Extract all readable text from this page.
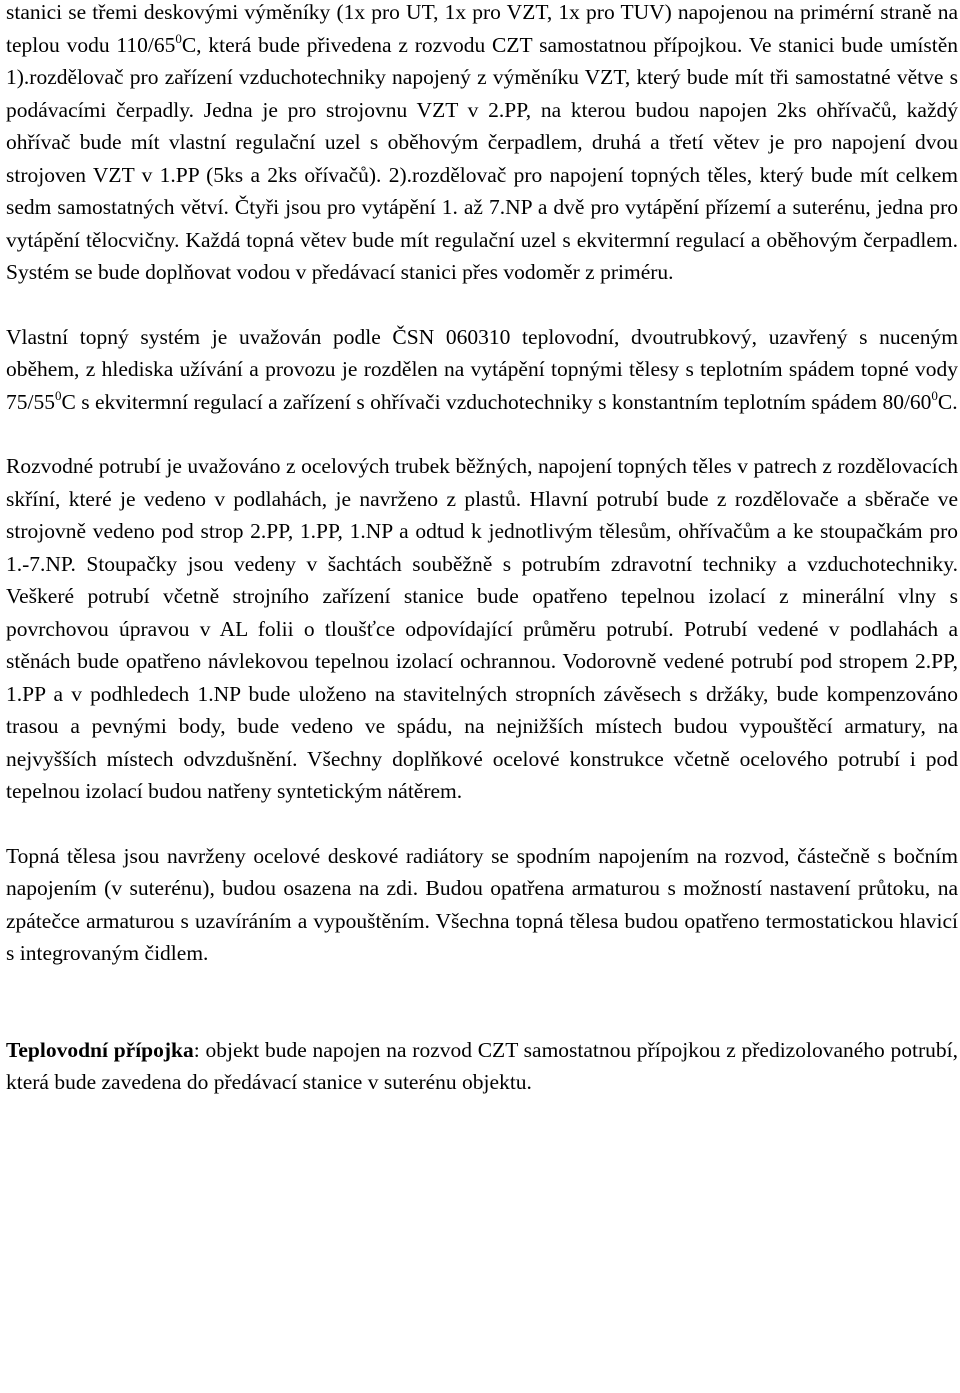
stanici se třemi deskovými výměníky (1x pro UT, 1x pro VZT, 1x pro TUV) napojenou na primérní straně na teplou vodu $110/65^0C$, která bude přivedena z rozvodu CZT samostatnou přípojkou. Ve stanici bude umístěn 1).rozdělovač pro zařízení vzduchotechniky napojený z výměníku VZT, který bude mít tři samostatné větve s podávacími čerpadly. Jedna je pro strojovnu VZT v 2.PP, na kterou budou napojen 2ks ohřívačů, každý ohřívač bude mít vlastní regulační uzel s oběhovým čerpadlem, druhá a třetí větev je pro napojení dvou strojoven VZT v 1.PP (5ks a 2ks ořívačů). 2).rozdělovač pro napojení topných těles, který bude mít celkem sedm samostatných větví. Čtyři jsou pro vytápění 1. až 7.NP a dvě pro vytápění přízemí a suterénu, jedna pro vytápění tělocvičny. Každá topná větev bude mít regulační uzel s ekvitermní regulací a oběhovým čerpadlem. Systém se bude doplňovat vodou v předávací stanici přes vodoměr z priméru.

Vlastní topný systém je uvažován podle ČSN 060310 teplovodní, dvoutrubkový, uzavřený s nuceným oběhem, z hlediska užívání a provozu je rozdělen na vytápění topnými tělesy s teplotním spádem topné vody $75/55^0C$ s ekvitermní regulací a zařízení s ohřívači vzduchotechniky s konstantním teplotním spádem $80/60^0C$.

Rozvodné potrubí je uvažováno z ocelových trubek běžných, napojení topných těles v patrech z rozdělovacích skříní, které je vedeno v podlahách, je navrženo z plastů. Hlavní potrubí bude z rozdělovače a sběrače ve strojovně vedeno pod strop 2.PP, 1.PP, 1.NP a odtud k jednotlivým tělesům, ohřívačům a ke stoupačkám pro 1.-7.NP. Stoupačky jsou vedeny v šachtách souběžně s potrubím zdravotní techniky a vzduchotechniky. Veškeré potrubí včetně strojního zařízení stanice bude opatřeno tepelnou izolací z minerální vlny s povrchovou úpravou v AL folii o tloušťce odpovídající průměru potrubí. Potrubí vedené v podlahách a stěnách bude opatřeno návlekovou tepelnou izolací ochrannou. Vodorovně vedené potrubí pod stropem 2.PP, 1.PP a v podhledech 1.NP bude uloženo na stavitelných stropních závěsech s držáky, bude kompenzováno trasou a pevnými body, bude vedeno ve spádu, na nejnižších místech budou vypouštěcí armatury, na nejvyšších místech odvzdušnění. Všechny doplňkové ocelové konstrukce včetně ocelového potrubí i pod tepelnou izolací budou natřeny syntetickým nátěrem.

Topná tělesa jsou navrženy ocelové deskové radiátory se spodním napojením na rozvod, částečně s bočním napojením (v suterénu), budou osazena na zdi. Budou opatřena armaturou s možností nastavení průtoku, na zpátečce armaturou s uzavíráním a vypouštěním. Všechna topná tělesa budou opatřeno termostatickou hlavicí s integrovaným čidlem.

Teplovodní přípojka: objekt bude napojen na rozvod CZT samostatnou přípojkou z předizolovaného potrubí, která bude zavedena do předávací stanice v suterénu objektu.
